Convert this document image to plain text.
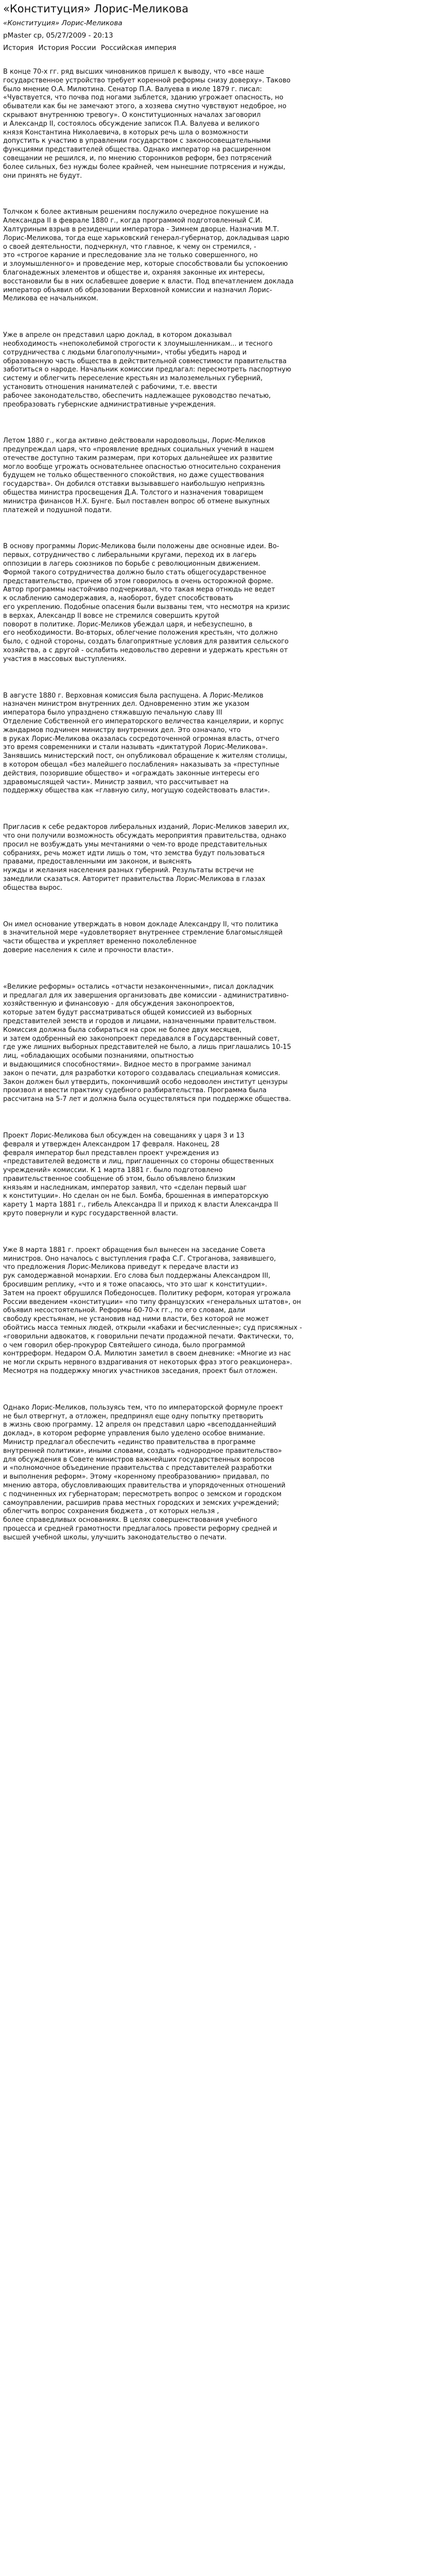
«Конституция» Лорис-Меликова
«Конституция» Лорис-Меликова
pMaster ср, 05/27/2009 - 20:13
История История России Российская империя

В конце 70-х гг. ряд высших чиновников пришел к выводу, что «все наше
государственное устройство требует коренной реформы снизу доверху». Таково
было мнение О.А. Милютина. Сенатор П.А. Валуева в июле 1879 г. писал:
«Чувствуется, что почва под ногами зыблется, зданию угрожает опасность, но
обыватели как бы не замечают этого, а хозяева смутно чувствуют недоброе, но
скрывают внутреннюю тревогу». О конституционных началах заговорил
и Александр II, состоялось обсуждение записок П.А. Валуева и великого
князя Константина Николаевича, в которых речь шла о возможности
допустить к участию в управлении государством с законосовещательными
функциями представителей общества. Однако император на расширенном
совещании не решился, и, по мнению сторонников реформ, без потрясений
более сильных, без нужды более крайней, чем нынешние потрясения и нужды,
они принять не будут.

Толчком к более активным решениям послужило очередное покушение на
Александра II в феврале 1880 г., когда программой подготовленный С.И.
Халтуриным взрыв в резиденции императора - Зимнем дворце. Назначив М.Т.
Лорис-Меликова, тогда еще харьковский генерал-губернатор, докладывая царю
о своей деятельности, подчеркнул, что главное, к чему он стремился, -
это «строгое карание и преследование зла не только совершенного, но
и злоумышленного» и проведение мер, которые способствовали бы успокоению
благонадежных элементов и обществе и, охраняя законные их интересы,
восстановили бы в них ослабевшее доверие к власти. Под впечатлением доклада
император объявил об образовании Верховной комиссии и назначил Лорис-
Меликова ее начальником.

Уже в апреле он представил царю доклад, в котором доказывал
необходимость «непоколебимой строгости к злоумышленникам... и тесного
сотрудничества с людьми благополучными», чтобы убедить народ и
образованную часть общества в действительной совместимости правительства
заботиться о народе. Начальник комиссии предлагал: пересмотреть паспортную
систему и облегчить переселение крестьян из малоземельных губерний,
установить отношения нанимателей с рабочими, т.е. ввести
рабочее законодательство, обеспечить надлежащее руководство печатью,
преобразовать губернские административные учреждения.

Летом 1880 г., когда активно действовали народовольцы, Лорис-Меликов
предупреждал царя, что «проявление вредных социальных учений в нашем
отечестве доступно таким размерам, при которых дальнейшее их развитие
могло вообще угрожать основательнее опасностью относительно сохранения
будущем не только общественного спокойствия, но даже существования
государства». Он добился отставки вызывавшего наибольшую неприязнь
общества министра просвещения Д.А. Толстого и назначения товарищем
министра финансов Н.Х. Бунге. Был поставлен вопрос об отмене выкупных
платежей и подушной подати.

В основу программы Лорис-Меликова были положены две основные идеи. Во-
первых, сотрудничество с либеральными кругами, переход их в лагерь
оппозиции в лагерь союзников по борьбе с революционным движением.
Формой такого сотрудничества должно было стать общегосударственное
представительство, причем об этом говорилось в очень осторожной форме.
Автор программы настойчиво подчеркивал, что такая мера отнюдь не ведет
к ослаблению самодержавия, а, наоборот, будет способствовать
его укреплению. Подобные опасения были вызваны тем, что несмотря на кризис
в верхах, Александр II вовсе не стремился совершить крутой
поворот в политике. Лорис-Меликов убеждал царя, и небезуспешно, в
его необходимости. Во-вторых, облегчение положения крестьян, что должно
было, с одной стороны, создать благоприятные условия для развития сельского
хозяйства, а с другой - ослабить недовольство деревни и удержать крестьян от
участия в массовых выступлениях.

В августе 1880 г. Верховная комиссия была распущена. А Лорис-Меликов
назначен министром внутренних дел. Одновременно этим же указом
императора было упразднено стяжавшую печальную славу III
Отделение Собственной его императорского величества канцелярии, и корпус
жандармов подчинен министру внутренних дел. Это означало, что
в руках Лорис-Меликова оказалась сосредоточенной огромная власть, отчего
это время современники и стали называть «диктатурой Лорис-Меликова».
Занявшись министерский пост, он опубликовал обращение к жителям столицы,
в котором обещал «без малейшего послабления» наказывать за «преступные
действия, позорившие общество» и «ограждать законные интересы его
здравомыслящей части». Министр заявил, что рассчитывает на
поддержку общества как «главную силу, могущую содействовать власти».

Пригласив к себе редакторов либеральных изданий, Лорис-Меликов заверил их,
что они получили возможность обсуждать мероприятия правительства, однако
просил не возбуждать умы мечтаниями о чем-то вроде представительных
собраниях, речь может идти лишь о том, что земства будут пользоваться
правами, предоставленными им законом, и выяснять
нужды и желания населения разных губерний. Результаты встречи не
замедлили сказаться. Авторитет правительства Лорис-Меликова в глазах
общества вырос.

Он имел основание утверждать в новом докладе Александру II, что политика
в значительной мере «удовлетворяет внутреннее стремление благомыслящей
части общества и укрепляет временно поколебленное
доверие населения к силе и прочности власти».

«Великие реформы» остались «отчасти незаконченными», писал докладчик
и предлагал для их завершения организовать две комиссии - административно-
хозяйственную и финансовую - для обсуждения законопроектов,
которые затем будут рассматриваться общей комиссией из выборных
представителей земств и городов и лицами, назначенными правительством.
Комиссия должна была собираться на срок не более двух месяцев,
и затем одобренный ею законопроект передавался в Государственный совет,
где уже лишних выборных представителей не было, а лишь приглашались 10-15
лиц, «обладающих особыми познаниями, опытностью
и выдающимися способностями». Видное место в программе занимал
закон о печати, для разработки которого создавалась специальная комиссия.
Закон должен был утвердить, покончивший особо недоволен институт цензуры
произвол и ввести практику судебного разбирательства. Программа была
рассчитана на 5-7 лет и должна была осуществляться при поддержке общества.

Проект Лорис-Меликова был обсужден на совещаниях у царя 3 и 13
февраля и утвержден Александром 17 февраля. Наконец, 28
февраля император был представлен проект учреждения из
«представителей ведомств и лиц, приглашенных со стороны общественных
учреждений» комиссии. К 1 марта 1881 г. было подготовлено
правительственное сообщение об этом, было объявлено близким
князьям и наследникам, император заявил, что «сделан первый шаг
к конституции». Но сделан он не был. Бомба, брошенная в императорскую
карету 1 марта 1881 г., гибель Александра II и приход к власти Александра II
круто повернули и курс государственной власти.

Уже 8 марта 1881 г. проект обращения был вынесен на заседание Совета
министров. Оно началось с выступления графа С.Г. Строганова, заявившего,
что предложения Лорис-Меликова приведут к передаче власти из
рук самодержавной монархии. Его слова был поддержаны Александром III,
бросившим реплику, «что и я тоже опасаюсь, что это шаг к конституции».
Затем на проект обрушился Победоносцев. Политику реформ, которая угрожала
России введением «конституции» «по типу французских «генеральных штатов», он
объявил несостоятельной. Реформы 60-70-х гг., по его словам, дали
свободу крестьянам, не установив над ними власти, без которой не может
обойтись масса темных людей, открыли «кабаки и бесчисленные»; суд присяжных -
«говорильни адвокатов, к говорильни печати продажной печати. Фактически, то,
о чем говорил обер-прокурор Святейшего синода, было программой
контрреформ. Недаром О.А. Милютин заметил в своем дневнике: «Многие из нас
не могли скрыть нервного вздрагивания от некоторых фраз этого реакционера».
Месмотря на поддержку многих участников заседания, проект был отложен.

Однако Лорис-Меликов, пользуясь тем, что по императорской формуле проект
не был отвергнут, а отложен, предпринял еще одну попытку претворить
в жизнь свою программу. 12 апреля он представил царю «всеподданнейший
доклад», в котором реформе управления было уделено особое внимание.
Министр предлагал обеспечить «единство правительства в программе
внутренней политики», иными словами, создать «однородное правительство»
для обсуждения в Совете министров важнейших государственных вопросов
и «полномочное объединение правительства с представителей разработки
и выполнения реформ». Этому «коренному преобразованию» придавал, по
мнению автора, обусловливающих правительства и упорядоченных отношений
с подчиненных их губернаторам; пересмотреть вопрос о земском и городском
самоуправлении, расширив права местных городских и земских учреждений;
облегчить вопрос сохранения бюджета , от которых нельзя ,
более справедливых основаниях. В целях совершенствования учебного
процесса и средней грамотности предлагалось провести реформу средней и
высшей учебной школы, улучшить законодательство о печати.
